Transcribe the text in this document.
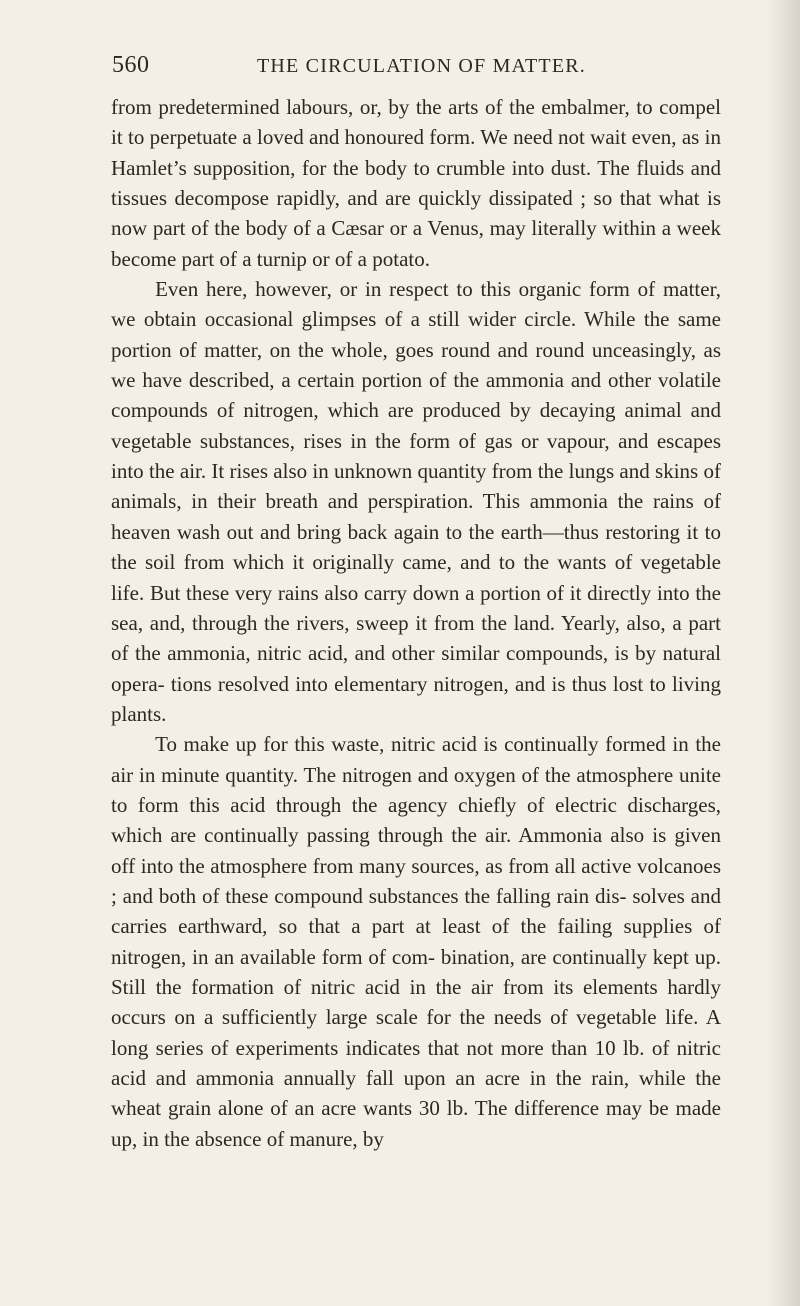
560	THE CIRCULATION OF MATTER.

from predetermined labours, or, by the arts of the embalmer, to compel it to perpetuate a loved and honoured form. We need not wait even, as in Hamlet’s supposition, for the body to crumble into dust. The fluids and tissues decompose rapidly, and are quickly dissipated ; so that what is now part of the body of a Cæsar or a Venus, may literally within a week become part of a turnip or of a potato.

Even here, however, or in respect to this organic form of matter, we obtain occasional glimpses of a still wider circle. While the same portion of matter, on the whole, goes round and round unceasingly, as we have described, a certain portion of the ammonia and other volatile compounds of nitrogen, which are produced by decaying animal and vegetable substances, rises in the form of gas or vapour, and escapes into the air. It rises also in unknown quantity from the lungs and skins of animals, in their breath and perspiration. This ammonia the rains of heaven wash out and bring back again to the earth—thus restoring it to the soil from which it originally came, and to the wants of vegetable life. But these very rains also carry down a portion of it directly into the sea, and, through the rivers, sweep it from the land. Yearly, also, a part of the ammonia, nitric acid, and other similar compounds, is by natural opera- tions resolved into elementary nitrogen, and is thus lost to living plants.

To make up for this waste, nitric acid is continually formed in the air in minute quantity. The nitrogen and oxygen of the atmosphere unite to form this acid through the agency chiefly of electric discharges, which are continually passing through the air. Ammonia also is given off into the atmosphere from many sources, as from all active volcanoes ; and both of these compound substances the falling rain dis- solves and carries earthward, so that a part at least of the failing supplies of nitrogen, in an available form of com- bination, are continually kept up. Still the formation of nitric acid in the air from its elements hardly occurs on a sufficiently large scale for the needs of vegetable life. A long series of experiments indicates that not more than 10 lb. of nitric acid and ammonia annually fall upon an acre in the rain, while the wheat grain alone of an acre wants 30 lb. The difference may be made up, in the absence of manure, by
